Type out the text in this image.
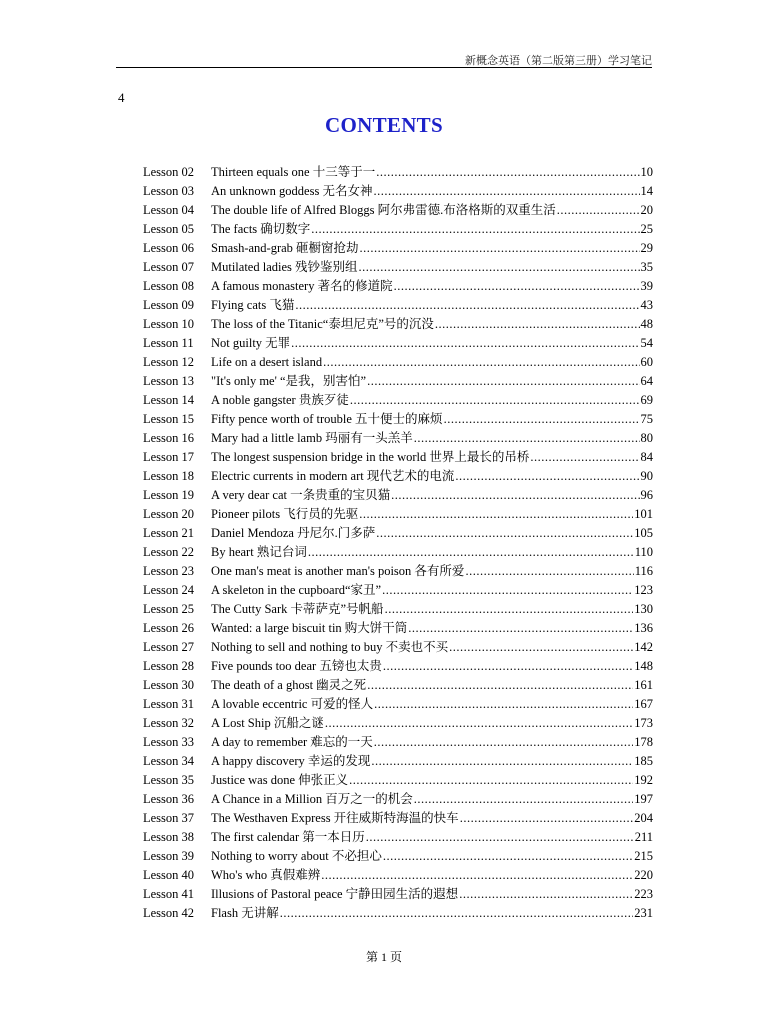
新概念英语（第二版第三册）学习笔记
4
CONTENTS
Lesson 02	Thirteen equals one 十三等于一 .....	10
Lesson 03	An unknown goddess 无名女神 .....	14
Lesson 04	The double life of Alfred Bloggs 阿尔弗雷德.布洛格斯的双重生活 .....	20
Lesson 05	The facts 确切数字 .....	25
Lesson 06	Smash-and-grab 砸橱窗抢劫 .....	29
Lesson 07	Mutilated ladies 残钞鉴别组 .....	35
Lesson 08	A famous monastery 著名的修道院 .....	39
Lesson 09	Flying cats 飞猫 .....	43
Lesson 10	The loss of the Titanic“泰坦尼克”号的沉没 .....	48
Lesson 11	Not guilty 无罪 .....	54
Lesson 12	Life on a desert island .....	60
Lesson 13	"It's only me' “是我，别害怕” .....	64
Lesson 14	A noble gangster 贵族歹徒 .....	69
Lesson 15	Fifty pence worth of trouble 五十便士的麻烦 .....	75
Lesson 16	Mary had a little lamb 玛丽有一头羔羊 .....	80
Lesson 17	The longest suspension bridge in the world 世界上最长的吊桥 .....	84
Lesson 18	Electric currents in modern art 现代艺术的电流 .....	90
Lesson 19	A very dear cat 一条贵重的宝贝猫 .....	96
Lesson 20	Pioneer pilots 飞行员的先驱 .....	101
Lesson 21	Daniel Mendoza 丹尼尔.门多萨 .....	105
Lesson 22	By heart 熟记台词 .....	110
Lesson 23	One man's meat is another man's poison 各有所爱 .....	116
Lesson 24	A skeleton in the cupboard“家丑” .....	123
Lesson 25	The Cutty Sark 卡蒂萨克”号帆船 .....	130
Lesson 26	Wanted: a large biscuit tin 购大饼干筒 .....	136
Lesson 27	Nothing to sell and nothing to buy 不卖也不买 .....	142
Lesson 28	Five pounds too dear 五镑也太贵 .....	148
Lesson 30	The death of a ghost 幽灵之死 .....	161
Lesson 31	A lovable eccentric 可爱的怪人 .....	167
Lesson 32	A Lost Ship 沉船之谜 .....	173
Lesson 33	A day to remember 难忘的一天 .....	178
Lesson 34	A happy discovery 幸运的发现 .....	185
Lesson 35	Justice was done 伸张正义 .....	192
Lesson 36	A Chance in a Million 百万之一的机会 .....	197
Lesson 37	The Westhaven Express 开往威斯特海温的快车 .....	204
Lesson 38	The first calendar 第一本日历 .....	211
Lesson 39	Nothing to worry about 不必担心 .....	215
Lesson 40	Who's who 真假难辨 .....	220
Lesson 41	Illusions of Pastoral peace 宁静田园生活的遐想 .....	223
Lesson 42	Flash 无讲解 .....	231
第 1 页
